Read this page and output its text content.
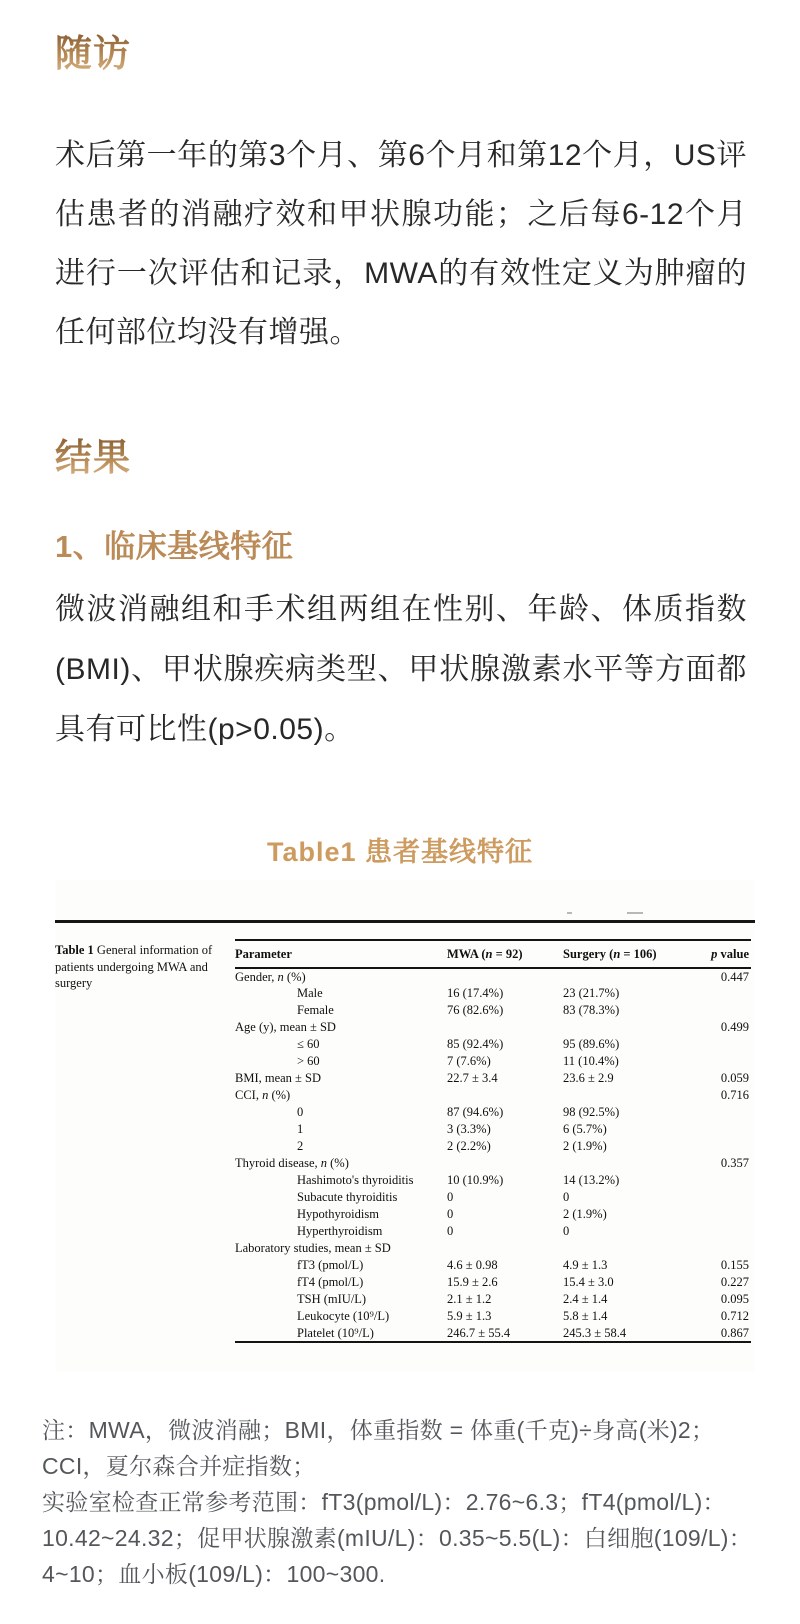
随访
术后第一年的第3个月、第6个月和第12个月，US评估患者的消融疗效和甲状腺功能；之后每6-12个月进行一次评估和记录，MWA的有效性定义为肿瘤的任何部位均没有增强。
结果
1、临床基线特征
微波消融组和手术组两组在性别、年龄、体质指数(BMI)、甲状腺疾病类型、甲状腺激素水平等方面都具有可比性(p>0.05)。
Table1 患者基线特征
Table 1 General information of patients undergoing MWA and surgery
Parameter	MWA (n = 92)	Surgery (n = 106)	p value
Gender, n (%)			0.447
Male	16 (17.4%)	23 (21.7%)	
Female	76 (82.6%)	83 (78.3%)	
Age (y), mean ± SD			0.499
≤ 60	85 (92.4%)	95 (89.6%)	
> 60	7 (7.6%)	11 (10.4%)	
BMI, mean ± SD	22.7 ± 3.4	23.6 ± 2.9	0.059
CCI, n (%)			0.716
0	87 (94.6%)	98 (92.5%)	
1	3 (3.3%)	6 (5.7%)	
2	2 (2.2%)	2 (1.9%)	
Thyroid disease, n (%)			0.357
Hashimoto's thyroiditis	10 (10.9%)	14 (13.2%)	
Subacute thyroiditis	0	0	
Hypothyroidism	0	2 (1.9%)	
Hyperthyroidism	0	0	
Laboratory studies, mean ± SD			
fT3 (pmol/L)	4.6 ± 0.98	4.9 ± 1.3	0.155
fT4 (pmol/L)	15.9 ± 2.6	15.4 ± 3.0	0.227
TSH (mIU/L)	2.1 ± 1.2	2.4 ± 1.4	0.095
Leukocyte (10⁹/L)	5.9 ± 1.3	5.8 ± 1.4	0.712
Platelet (10⁹/L)	246.7 ± 55.4	245.3 ± 58.4	0.867

注：MWA，微波消融；BMI，体重指数 = 体重(千克)÷身高(米)2；CCI，夏尔森合并症指数；

实验室检查正常参考范围：fT3(pmol/L)：2.76~6.3；fT4(pmol/L)：10.42~24.32；促甲状腺激素(mIU/L)：0.35~5.5(L)：白细胞(109/L)：4~10；血小板(109/L)：100~300.
